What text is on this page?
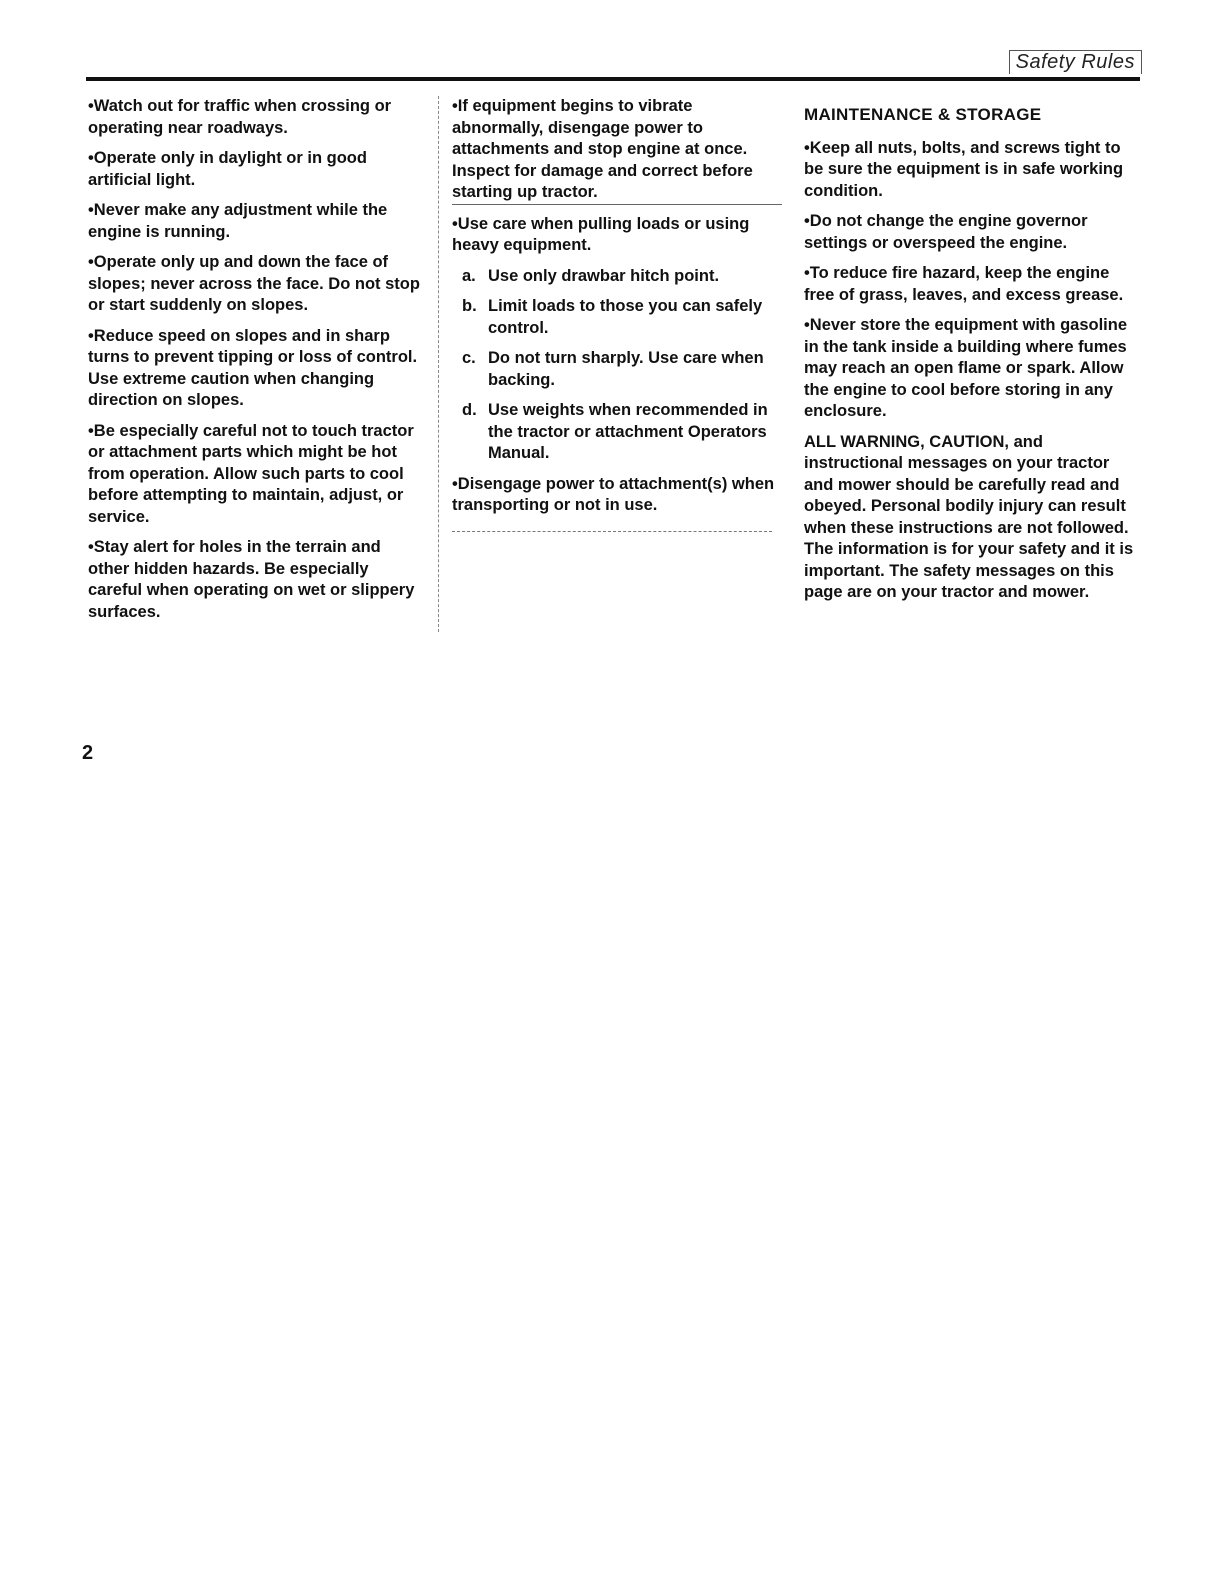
Safety Rules

•Watch out for traffic when crossing or operating near roadways.

•Operate only in daylight or in good artificial light.

•Never make any adjustment while the engine is running.

•Operate only up and down the face of slopes; never across the face. Do not stop or start suddenly on slopes.

•Reduce speed on slopes and in sharp turns to prevent tipping or loss of control. Use extreme caution when changing direction on slopes.

•Be especially careful not to touch tractor or attachment parts which might be hot from operation. Allow such parts to cool before attempting to maintain, adjust, or service.

•Stay alert for holes in the terrain and other hidden hazards. Be especially careful when operating on wet or slippery surfaces.

•If equipment begins to vibrate abnormally, disengage power to attachments and stop engine at once. Inspect for damage and correct before starting up tractor.

•Use care when pulling loads or using heavy equipment.

a. Use only drawbar hitch point.
b. Limit loads to those you can safely control.
c. Do not turn sharply. Use care when backing.
d. Use weights when recommended in the tractor or attachment Operators Manual.

•Disengage power to attachment(s) when transporting or not in use.

MAINTENANCE & STORAGE

•Keep all nuts, bolts, and screws tight to be sure the equipment is in safe working condition.

•Do not change the engine governor settings or overspeed the engine.

•To reduce fire hazard, keep the engine free of grass, leaves, and excess grease.

•Never store the equipment with gasoline in the tank inside a building where fumes may reach an open flame or spark. Allow the engine to cool before storing in any enclosure.

ALL WARNING, CAUTION, and instructional messages on your tractor and mower should be carefully read and obeyed. Personal bodily injury can result when these instructions are not followed. The information is for your safety and it is important. The safety messages on this page are on your tractor and mower.

2
